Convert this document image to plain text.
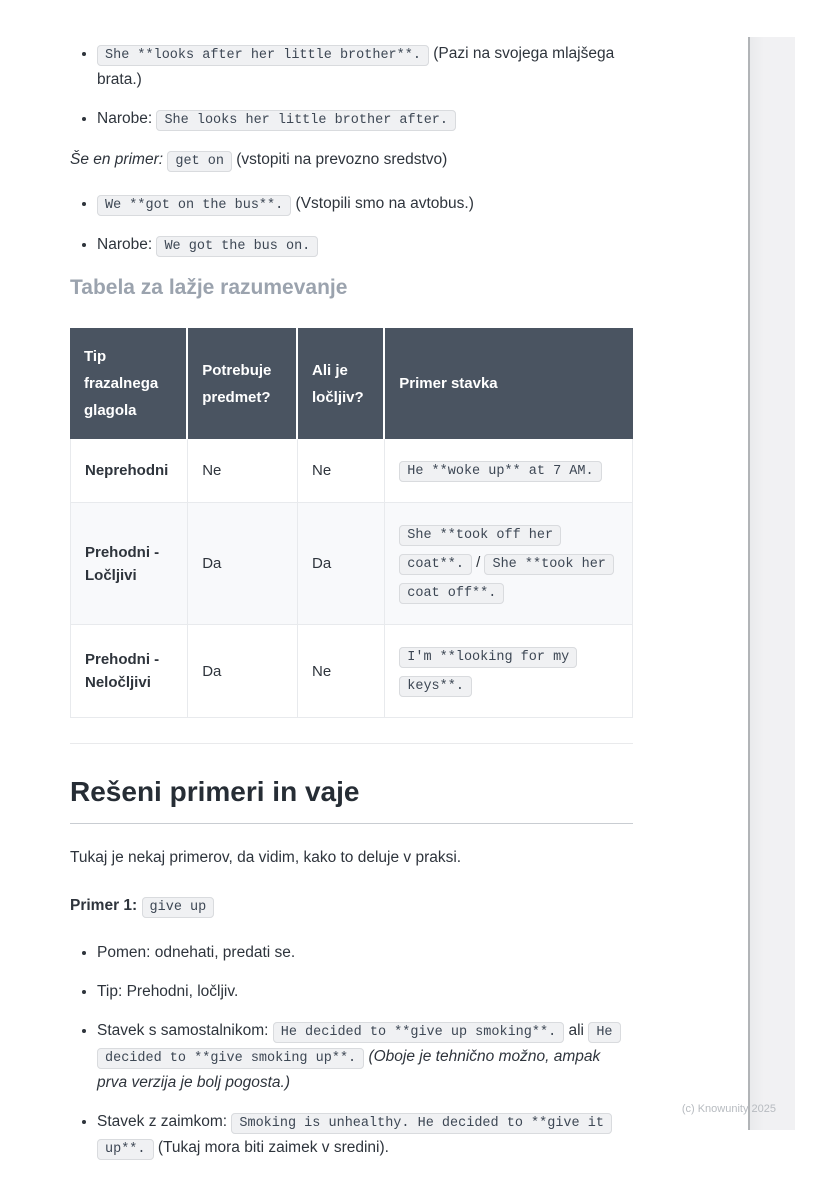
• She **looks after her little brother**. (Pazi na svojega mlajšega brata.)
• Narobe: She looks her little brother after.

Še en primer: get on (vstopiti na prevozno sredstvo)

• We **got on the bus**. (Vstopili smo na avtobus.)
• Narobe: We got the bus on.
Tabela za lažje razumevanje
Tip frazalnega glagola	Potrebuje predmet?	Ali je ločljiv?	Primer stavka
Neprehodni	Ne	Ne	He **woke up** at 7 AM.
Prehodni - Ločljivi	Da	Da	She **took off her coat**. / She **took her coat off**.
Prehodni - Neločljivi	Da	Ne	I'm **looking for my keys**.
Rešeni primeri in vaje

Tukaj je nekaj primerov, da vidim, kako to deluje v praksi.

Primer 1: give up

• Pomen: odnehati, predati se.
• Tip: Prehodni, ločljiv.
• Stavek s samostalnikom: He decided to **give up smoking**. ali He decided to **give smoking up**. (Oboje je tehnično možno, ampak prva verzija je bolj pogosta.)
• Stavek z zaimkom: Smoking is unhealthy. He decided to **give it up**. (Tukaj mora biti zaimek v sredini).
(c) Knowunity 2025
